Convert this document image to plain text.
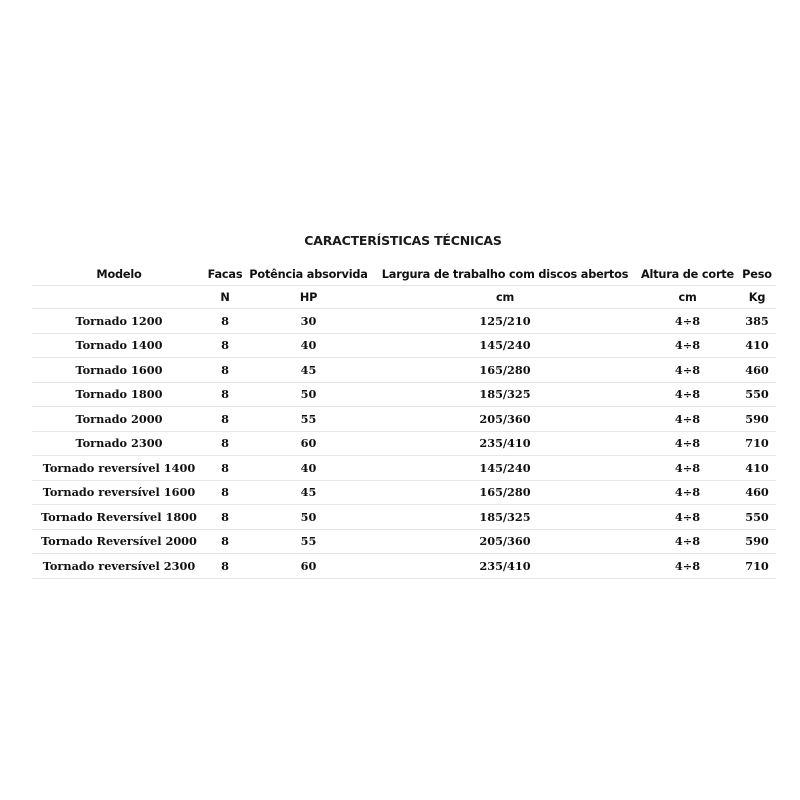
CARACTERÍSTICAS TÉCNICAS
Modelo	Facas	Potência absorvida	Largura de trabalho com discos abertos	Altura de corte	Peso
	N	HP	cm	cm	Kg
Tornado 1200	8	30	125/210	4÷8	385
Tornado 1400	8	40	145/240	4÷8	410
Tornado 1600	8	45	165/280	4÷8	460
Tornado 1800	8	50	185/325	4÷8	550
Tornado 2000	8	55	205/360	4÷8	590
Tornado 2300	8	60	235/410	4÷8	710
Tornado reversível 1400	8	40	145/240	4÷8	410
Tornado reversível 1600	8	45	165/280	4÷8	460
Tornado Reversível 1800	8	50	185/325	4÷8	550
Tornado Reversível 2000	8	55	205/360	4÷8	590
Tornado reversível 2300	8	60	235/410	4÷8	710
